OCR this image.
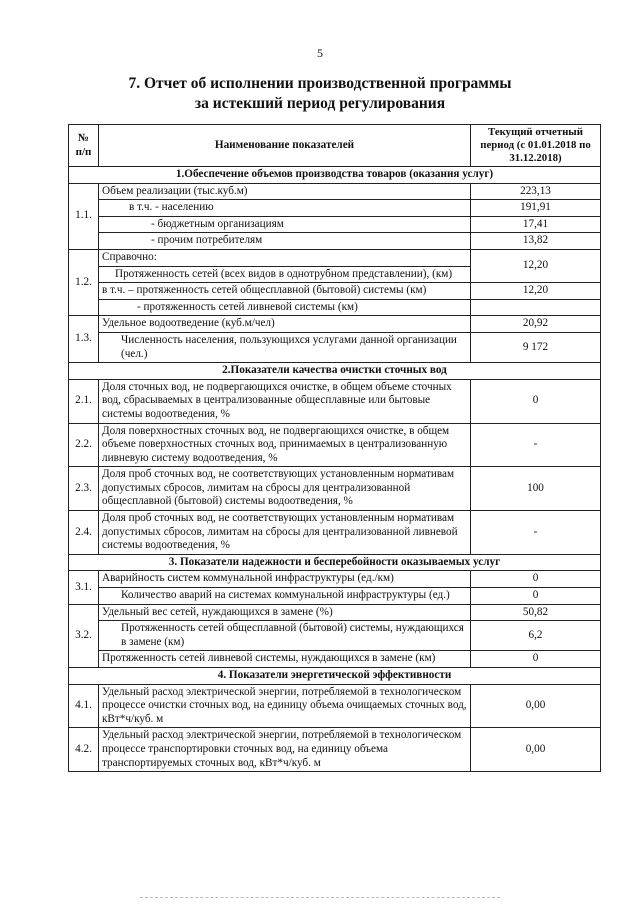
5
7. Отчет об исполнении производственной программы
за истекший период регулирования
№ п/п	Наименование показателей	Текущий отчетный период (с 01.01.2018 по 31.12.2018)
1.Обеспечение объемов производства товаров (оказания услуг)		
1.1.	Объем реализации (тыс.куб.м)	223,13
	в т.ч. - населению	191,91
	- бюджетным организациям	17,41
	- прочим потребителям	13,82
1.2.	Справочно:	12,20
	Протяженность сетей (всех видов в однотрубном представлении), (км)	
	в т.ч. – протяженность сетей общесплавной (бытовой) системы (км)	12,20
	- протяженность сетей ливневой системы (км)	
1.3.	Удельное водоотведение (куб.м/чел)	20,92
	Численность населения, пользующихся услугами данной организации (чел.)	9 172
2.Показатели качества очистки сточных вод		
2.1.	Доля сточных вод, не подвергающихся очистке, в общем объеме сточных вод, сбрасываемых в централизованные общесплавные или бытовые системы водоотведения, %	0
2.2.	Доля поверхностных сточных вод, не подвергающихся очистке, в общем объеме поверхностных сточных вод, принимаемых в централизованную ливневую систему водоотведения, %	-
2.3.	Доля проб сточных вод, не соответствующих установленным нормативам допустимых сбросов, лимитам на сбросы для централизованной общесплавной (бытовой) системы водоотведения, %	100
2.4.	Доля проб сточных вод, не соответствующих установленным нормативам допустимых сбросов, лимитам на сбросы для централизованной ливневой системы водоотведения, %	-
3. Показатели надежности и бесперебойности оказываемых услуг		
3.1.	Аварийность систем коммунальной инфраструктуры (ед./км)	0
	Количество аварий на системах коммунальной инфраструктуры (ед.)	0
3.2.	Удельный вес сетей, нуждающихся в замене (%)	50,82
	Протяженность сетей общесплавной (бытовой) системы, нуждающихся в замене (км)	6,2
	Протяженность сетей ливневой системы, нуждающихся в замене (км)	0
4. Показатели энергетической эффективности		
4.1.	Удельный расход электрической энергии, потребляемой в технологическом процессе очистки сточных вод, на единицу объема очищаемых сточных вод, кВт*ч/куб. м	0,00
4.2.	Удельный расход электрической энергии, потребляемой в технологическом процессе транспортировки сточных вод, на единицу объема транспортируемых сточных вод, кВт*ч/куб. м	0,00
